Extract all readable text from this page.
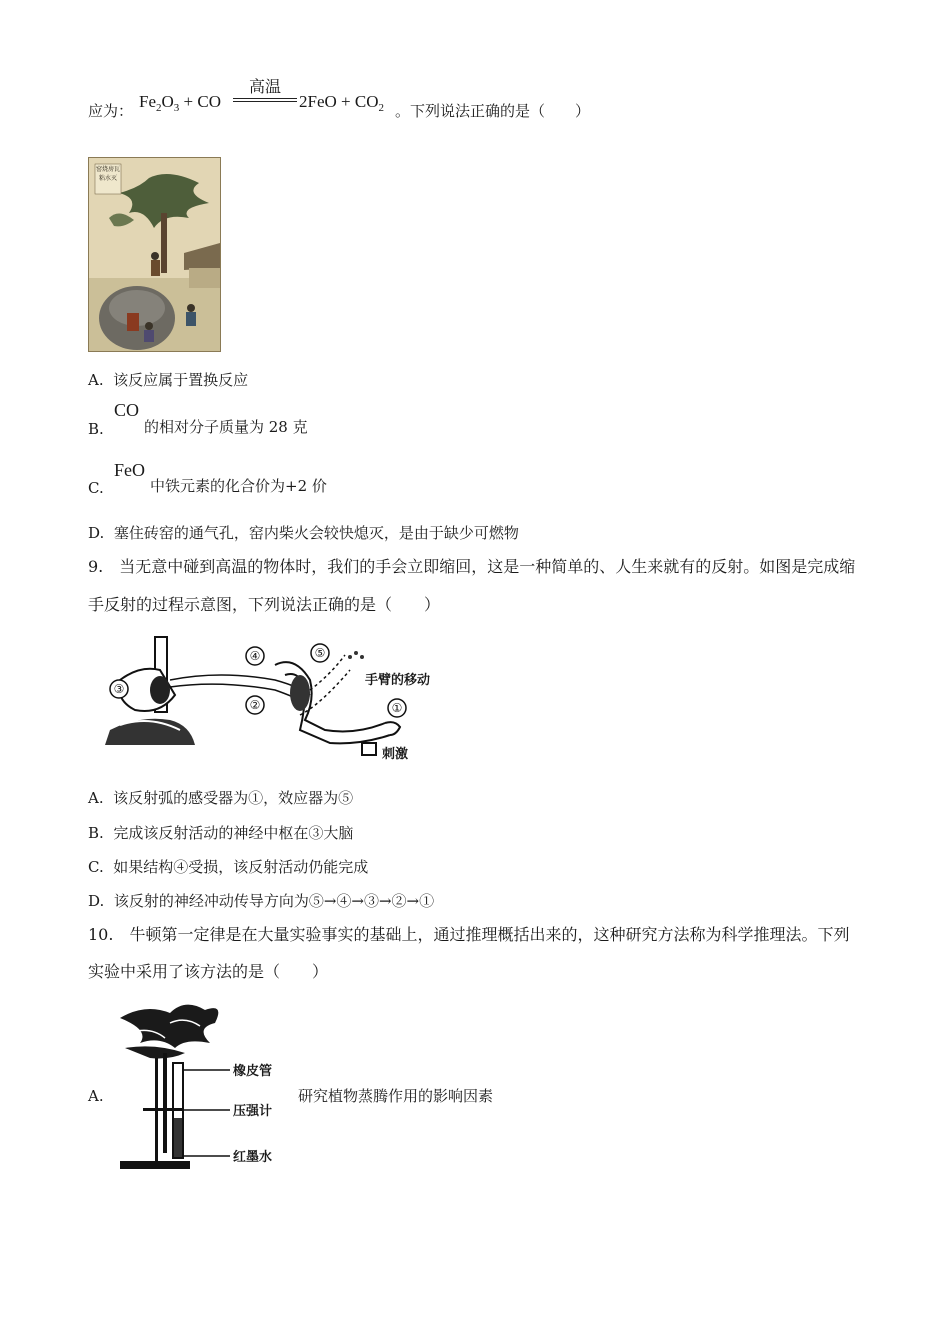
应为： $Fe_2O_3$ + CO
高温
$2FeO + CO_2$ 。下列说法正确的是（　　）
窑烧房瓦 粘水灭
A. 该反应属于置换反应
B.
CO
的相对分子质量为 28 克
C.
FeO
中铁元素的化合价为+2 价
D. 塞住砖窑的通气孔，窑内柴火会较快熄灭，是由于缺少可燃物
9.　当无意中碰到高温的物体时，我们的手会立即缩回，这是一种简单的、人生来就有的反射。如图是完成缩
手反射的过程示意图，下列说法正确的是（　　）
③
④
②
⑤
①
手臂的移动
刺激
A. 该反射弧的感受器为①，效应器为⑤
B. 完成该反射活动的神经中枢在③大脑
C. 如果结构④受损，该反射活动仍能完成
D. 该反射的神经冲动传导方向为⑤→④→③→②→①
10.　牛顿第一定律是在大量实验事实的基础上，通过推理概括出来的，这种研究方法称为科学推理法。下列
实验中采用了该方法的是（　　）
A.
橡皮管
压强计
红墨水
研究植物蒸腾作用的影响因素
